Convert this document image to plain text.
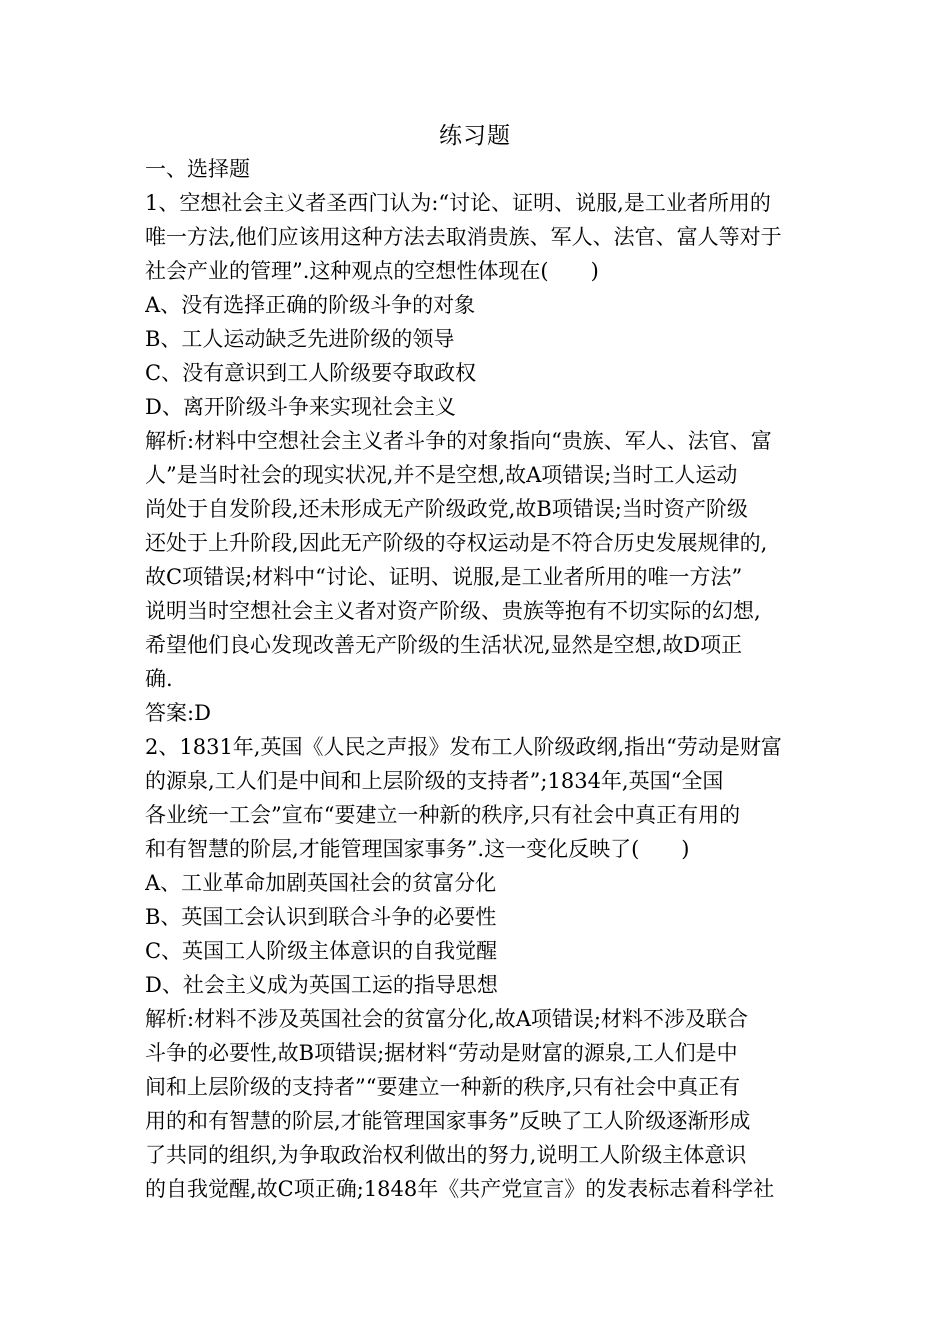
练习题
一、选择题
1、空想社会主义者圣西门认为:“讨论、证明、说服,是工业者所用的
唯一方法,他们应该用这种方法去取消贵族、军人、法官、富人等对于
社会产业的管理”.这种观点的空想性体现在(　　)
A、没有选择正确的阶级斗争的对象
B、工人运动缺乏先进阶级的领导
C、没有意识到工人阶级要夺取政权
D、离开阶级斗争来实现社会主义
解析:材料中空想社会主义者斗争的对象指向“贵族、军人、法官、富
人”是当时社会的现实状况,并不是空想,故A项错误;当时工人运动
尚处于自发阶段,还未形成无产阶级政党,故B项错误;当时资产阶级
还处于上升阶段,因此无产阶级的夺权运动是不符合历史发展规律的,
故C项错误;材料中“讨论、证明、说服,是工业者所用的唯一方法”
说明当时空想社会主义者对资产阶级、贵族等抱有不切实际的幻想,
希望他们良心发现改善无产阶级的生活状况,显然是空想,故D项正
确.
答案:D
2、1831年,英国《人民之声报》发布工人阶级政纲,指出“劳动是财富
的源泉,工人们是中间和上层阶级的支持者”;1834年,英国“全国
各业统一工会”宣布“要建立一种新的秩序,只有社会中真正有用的
和有智慧的阶层,才能管理国家事务”.这一变化反映了(　　)
A、工业革命加剧英国社会的贫富分化
B、英国工会认识到联合斗争的必要性
C、英国工人阶级主体意识的自我觉醒
D、社会主义成为英国工运的指导思想
解析:材料不涉及英国社会的贫富分化,故A项错误;材料不涉及联合
斗争的必要性,故B项错误;据材料“劳动是财富的源泉,工人们是中
间和上层阶级的支持者”“要建立一种新的秩序,只有社会中真正有
用的和有智慧的阶层,才能管理国家事务”反映了工人阶级逐渐形成
了共同的组织,为争取政治权利做出的努力,说明工人阶级主体意识
的自我觉醒,故C项正确;1848年《共产党宣言》的发表标志着科学社
